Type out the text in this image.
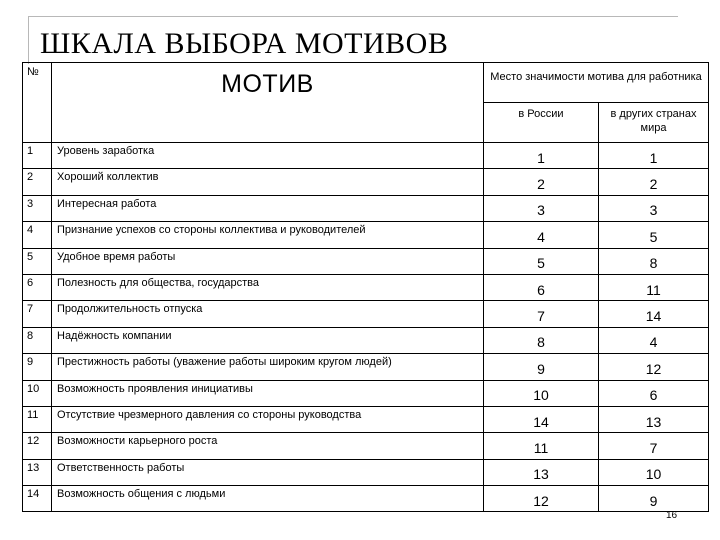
ШКАЛА ВЫБОРА МОТИВОВ
№	МОТИВ	Место значимости мотива для работника	
		в России	в других странах мира
1	Уровень заработка	1	1
2	Хороший коллектив	2	2
3	Интересная работа	3	3
4	Признание успехов со стороны коллектива и руководителей	4	5
5	Удобное время работы	5	8
6	Полезность для общества, государства	6	11
7	Продолжительность отпуска	7	14
8	Надёжность компании	8	4
9	Престижность работы (уважение работы широким кругом людей)	9	12
10	Возможность проявления инициативы	10	6
11	Отсутствие чрезмерного давления со стороны руководства	14	13
12	Возможности карьерного роста	11	7
13	Ответственность работы	13	10
14	Возможность общения с людьми	12	9
16
